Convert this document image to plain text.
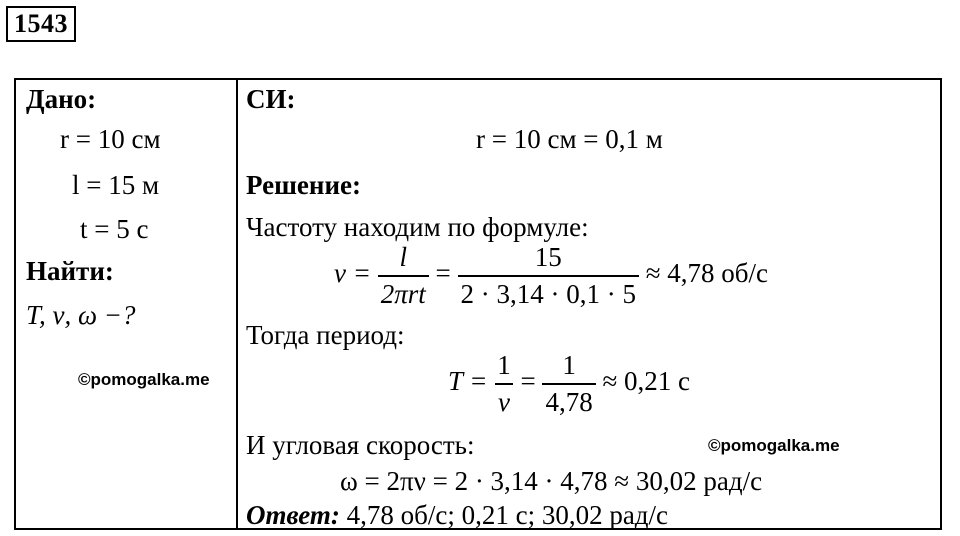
1543
Дано:
r = 10 см
l = 15 м
t = 5 с
Найти:
T, ν, ω −?
©pomogalka.me
СИ:
r = 10 см = 0,1 м
Решение:
Частоту находим по формуле:
$\nu = \frac{l}{\text{2πrt}} = \frac{15}{2 \cdot 3,14 \cdot 0,1 \cdot 5} \approx 4,78$ об/с
Тогда период:
$T = \frac{1}{\nu} = \frac{1}{4,78} \approx 0,21$ с
И угловая скорость:	©pomogalka.me
ω = 2πν = 2 · 3,14 · 4,78 ≈ 30,02 рад/с
Ответ: 4,78 об/с; 0,21 с; 30,02 рад/с
